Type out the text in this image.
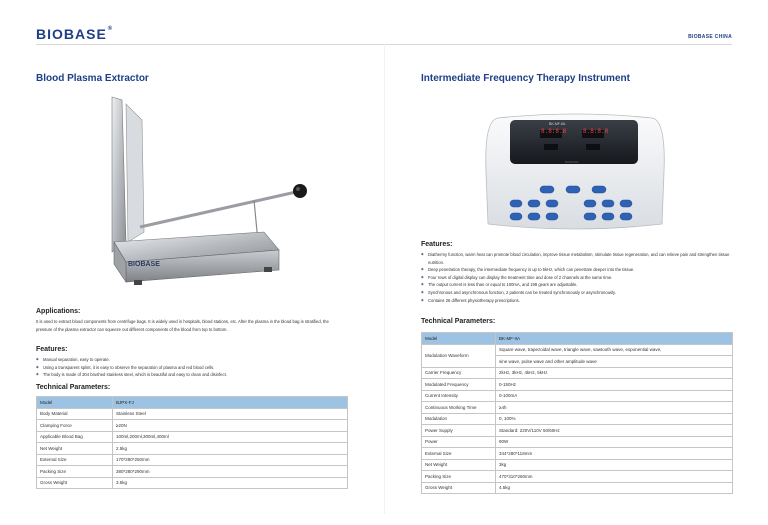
BIOBASE®
BIOBASE CHINA
Blood Plasma Extractor
BIOBASE
Applications:
It is used to extract blood components from centrifuge bags. It is widely used in hospitals, blood stations, etc. After the plasma in the blood bag is stratified, the pressure of the plasma extractor can squeeze out different components of the blood from top to bottom.
Features:
◆ Manual separation, easy to operate.
◆ Using a transparent splint, it is easy to observe the separation of plasma and red blood cells.
◆ The body is made of 304 brushed stainless steel, which is beautiful and easy to clean and disinfect.
Technical Parameters:
Model	BJPX-FJ
Body Material	Stainless Steel
Clamping Force	≥20N
Applicable Blood Bag	100ml,200ml,300ml,400ml
Net Weight	2.5kg
External Size	170*280*250mm
Packing Size	380*280*290mm
Gross Weight	3.5kg
Intermediate Frequency Therapy Instrument
BK-MF-IIA
8.8:8.8	8.8:8.8
BIOBASE
Features:
◆ Diathermy function, warm heat can promote blood circulation, improve tissue metabolism, stimulate tissue regeneration, and can relieve pain and strengthen tissue nutrition.
◆ Deep penetration therapy, the intermediate frequency is up to 5kHz, which can penetrate deeper into the tissue.
◆ Four rows of digital display can display the treatment time and dose of 2 channels at the same time.
◆ The output current is less than or equal to 100mA, and 198 gears are adjustable.
◆ Synchronous and asynchronous function, 2 patients can be treated synchronously or asynchronously.
◆ Contains 26 different physiotherapy prescriptions.
Technical Parameters:
Model	BK-MF-IIA
Modulation Waveform	Square wave, trapezoidal wave, triangle wave, sawtooth wave, exponential wave,
	sine wave, pulse wave and other amplitude wave
Carrier Frequency	2kHz, 3kHz, 4kHz, 5kHz
Modulated Frequency	0-150Hz
Current Intensity	0-100mA
Continuous Working Time	≥4h
Modulation	0, 100%
Power Supply	Standard: 220V/110V 50/60Hz
Power	90W
External Size	344*280*118mm
Net Weight	3kg
Packing Size	470*310*260mm
Gross Weight	4.5kg
